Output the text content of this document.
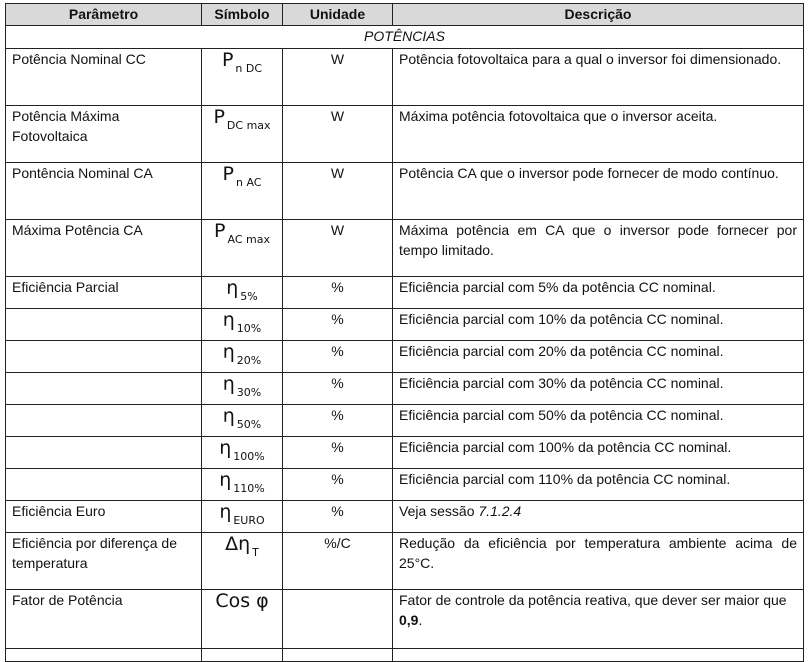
Parâmetro	Símbolo	Unidade	Descrição
POTÊNCIAS			
Potência Nominal CC	P $_{n DC}$	W	Potência fotovoltaica para a qual o inversor foi dimensionado.
Potência Máxima Fotovoltaica	P $_{DC max}$	W	Máxima potência fotovoltaica que o inversor aceita.
Pontência Nominal CA	P $_{n AC}$	W	Potência CA que o inversor pode fornecer de modo contínuo.
Máxima Potência CA	P $_{AC max}$	W	Máxima potência em CA que o inversor pode fornecer por tempo limitado.
Eficiência Parcial	η $_{5\%}$	%	Eficiência parcial com 5% da potência CC nominal.
	η $_{10\%}$	%	Eficiência parcial com 10% da potência CC nominal.
	η $_{20\%}$	%	Eficiência parcial com 20% da potência CC nominal.
	η $_{30\%}$	%	Eficiência parcial com 30% da potência CC nominal.
	η $_{50\%}$	%	Eficiência parcial com 50% da potência CC nominal.
	η $_{100\%}$	%	Eficiência parcial com 100% da potência CC nominal.
	η $_{110\%}$	%	Eficiência parcial com 110% da potência CC nominal.
Eficiência Euro	η $_{EURO}$	%	Veja sessão 7.1.2.4
Eficiência por diferença de temperatura	Δη $_T$	%/C	Redução da eficiência por temperatura ambiente acima de 25°C.
Fator de Potência	Cos φ		Fator de controle da potência reativa, que dever ser maior que 0,9.
